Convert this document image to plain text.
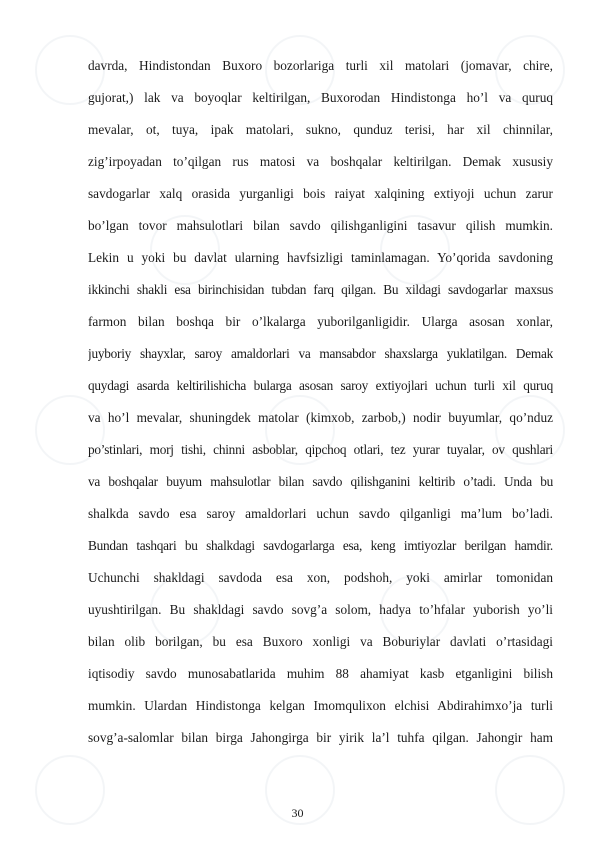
davrda, Hindistondan Buxoro bozorlariga turli xil matolari (jomavar, chire,
gujorat,) lak va boyoqlar keltirilgan, Buxorodan Hindistonga ho’l va quruq
mevalar, ot, tuya, ipak matolari, sukno, qunduz terisi, har xil chinnilar,
zig’irpoyadan to’qilgan rus matosi va boshqalar keltirilgan. Demak xususiy
savdogarlar xalq orasida yurganligi bois raiyat xalqining extiyoji uchun zarur
bo’lgan tovor mahsulotlari bilan savdo qilishganligini tasavur qilish mumkin.
Lekin u yoki bu davlat ularning havfsizligi taminlamagan. Yo’qorida savdoning
ikkinchi shakli esa birinchisidan tubdan farq qilgan. Bu xildagi savdogarlar maxsus
farmon bilan boshqa bir o’lkalarga yuborilganligidir. Ularga asosan xonlar,
juyboriy shayxlar, saroy amaldorlari va mansabdor shaxslarga yuklatilgan. Demak
quydagi asarda keltirilishicha bularga asosan saroy extiyojlari uchun turli xil quruq
va ho’l mevalar, shuningdek matolar (kimxob, zarbob,) nodir buyumlar, qo’nduz
po’stinlari, morj tishi, chinni asboblar, qipchoq otlari, tez yurar tuyalar, ov qushlari
va boshqalar buyum mahsulotlar bilan savdo qilishganini keltirib o’tadi. Unda bu
shalkda savdo esa saroy amaldorlari uchun savdo qilganligi ma’lum bo’ladi.
Bundan tashqari bu shalkdagi savdogarlarga esa, keng imtiyozlar berilgan hamdir.
Uchunchi shakldagi savdoda esa xon, podshoh, yoki amirlar tomonidan
uyushtirilgan. Bu shakldagi savdo sovg’a solom, hadya to’hfalar yuborish yo’li
bilan olib borilgan, bu esa Buxoro xonligi va Boburiylar davlati o’rtasidagi
iqtisodiy savdo munosabatlarida muhim 88 ahamiyat kasb etganligini bilish
mumkin. Ulardan Hindistonga kelgan Imomqulixon elchisi Abdirahimxo’ja turli
sovg’a-salomlar bilan birga Jahongirga bir yirik la’l tuhfa qilgan. Jahongir ham
30
